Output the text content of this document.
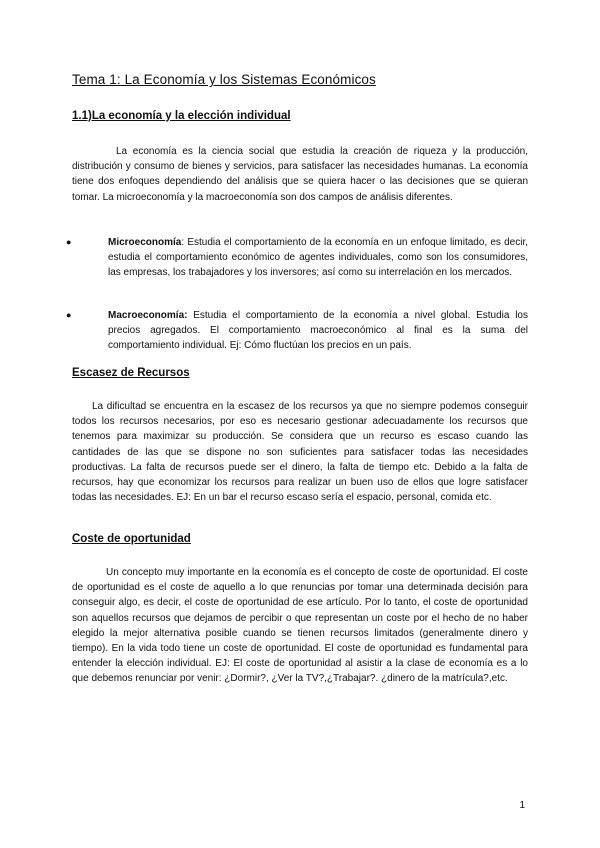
Tema 1: La Economía y los Sistemas Económicos
1.1)La economía y la elección individual

La economía es la ciencia social que estudia la creación de riqueza y la producción, distribución y consumo de bienes y servicios, para satisfacer las necesidades humanas. La economía tiene dos enfoques dependiendo del análisis que se quiera hacer o las decisiones que se quieran tomar. La microeconomía y la macroeconomía son dos campos de análisis diferentes.

●	Microeconomía: Estudia el comportamiento de la economía en un enfoque limitado, es decir, estudia el comportamiento económico de agentes individuales, como son los consumidores, las empresas, los trabajadores y los inversores; así como su interrelación en los mercados.
●	Macroeconomía: Estudia el comportamiento de la economía a nivel global. Estudia los precios agregados. El comportamiento macroeconómico al final es la suma del comportamiento individual. Ej: Cómo fluctúan los precios en un país.
Escasez de Recursos

La dificultad se encuentra en la escasez de los recursos ya que no siempre podemos conseguir todos los recursos necesarios, por eso es necesario gestionar adecuadamente los recursos que tenemos para maximizar su producción. Se considera que un recurso es escaso cuando las cantidades de las que se dispone no son suficientes para satisfacer todas las necesidades productivas. La falta de recursos puede ser el dinero, la falta de tiempo etc. Debido a la falta de recursos, hay que economizar los recursos para realizar un buen uso de ellos que logre satisfacer todas las necesidades. EJ: En un bar el recurso escaso sería el espacio, personal, comida etc.

Coste de oportunidad

Un concepto muy importante en la economía es el concepto de coste de oportunidad. El coste de oportunidad es el coste de aquello a lo que renuncias por tomar una determinada decisión para conseguir algo, es decir, el coste de oportunidad de ese artículo. Por lo tanto, el coste de oportunidad son aquellos recursos que dejamos de percibir o que representan un coste por el hecho de no haber elegido la mejor alternativa posible cuando se tienen recursos limitados (generalmente dinero y tiempo). En la vida todo tiene un coste de oportunidad. El coste de oportunidad es fundamental para entender la elección individual. EJ: El coste de oportunidad al asistir a la clase de economía es a lo que debemos renunciar por venir: ¿Dormir?, ¿Ver la TV?,¿Trabajar?. ¿dinero de la matrícula?,etc.

1
